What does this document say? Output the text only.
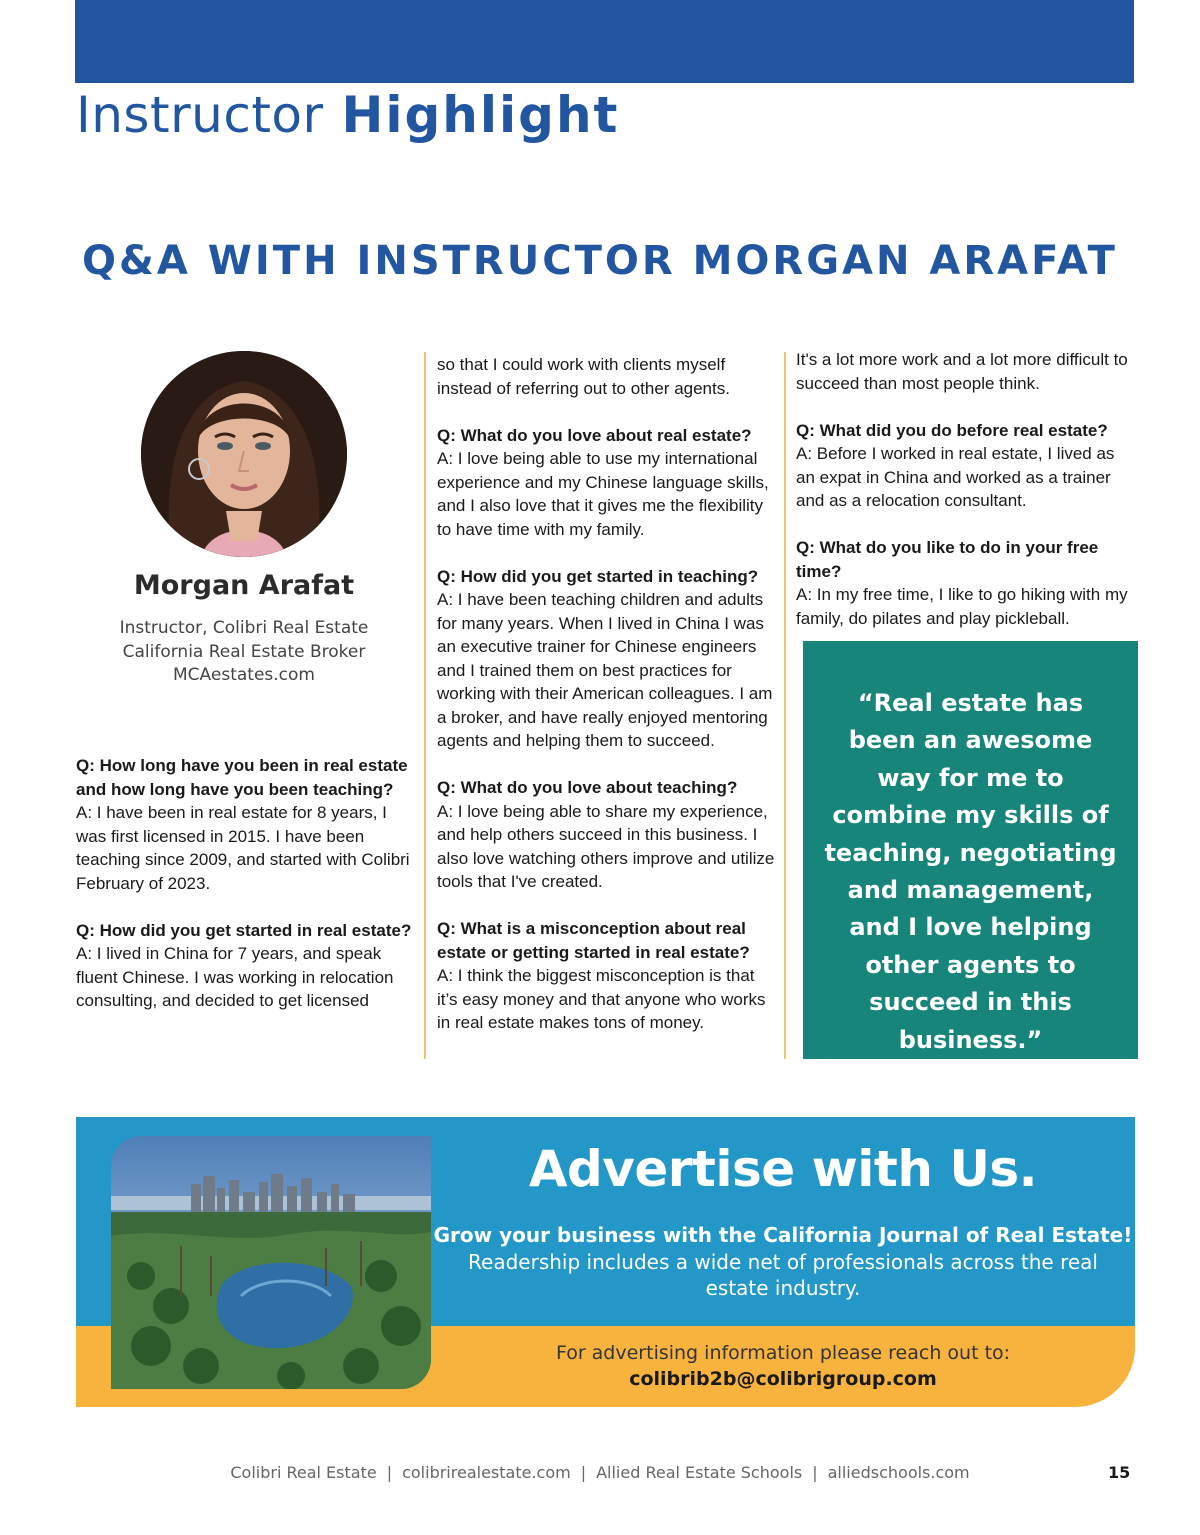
Instructor Highlight
Q&A WITH INSTRUCTOR MORGAN ARAFAT
Morgan Arafat
Instructor, Colibri Real Estate
California Real Estate Broker
MCAestates.com

Q: How long have you been in real estate and how long have you been teaching?

A: I have been in real estate for 8 years, I was first licensed in 2015. I have been teaching since 2009, and started with Colibri February of 2023.

Q: How did you get started in real estate?

A: I lived in China for 7 years, and speak fluent Chinese. I was working in relocation consulting, and decided to get licensed

so that I could work with clients myself instead of referring out to other agents.

Q: What do you love about real estate?

A: I love being able to use my international experience and my Chinese language skills, and I also love that it gives me the flexibility to have time with my family.

Q: How did you get started in teaching?

A: I have been teaching children and adults for many years. When I lived in China I was an executive trainer for Chinese engineers and I trained them on best practices for working with their American colleagues. I am a broker, and have really enjoyed mentoring agents and helping them to succeed.

Q: What do you love about teaching?

A: I love being able to share my experience, and help others succeed in this business. I also love watching others improve and utilize tools that I've created.

Q: What is a misconception about real estate or getting started in real estate?

A: I think the biggest misconception is that it’s easy money and that anyone who works in real estate makes tons of money.

It's a lot more work and a lot more difficult to succeed than most people think.

Q: What did you do before real estate?

A: Before I worked in real estate, I lived as an expat in China and worked as a trainer and as a relocation consultant.

Q: What do you like to do in your free time?

A: In my free time, I like to go hiking with my family, do pilates and play pickleball.

“Real estate has been an awesome way for me to combine my skills of teaching, negotiating and management, and I love helping other agents to succeed in this business.”
Advertise with Us.
Grow your business with the California Journal of Real Estate!
Readership includes a wide net of professionals across the real estate industry.
For advertising information please reach out to:
colibrib2b@colibrigroup.com
Colibri Real Estate | colibrirealestate.com | Allied Real Estate Schools | alliedschools.com	15
